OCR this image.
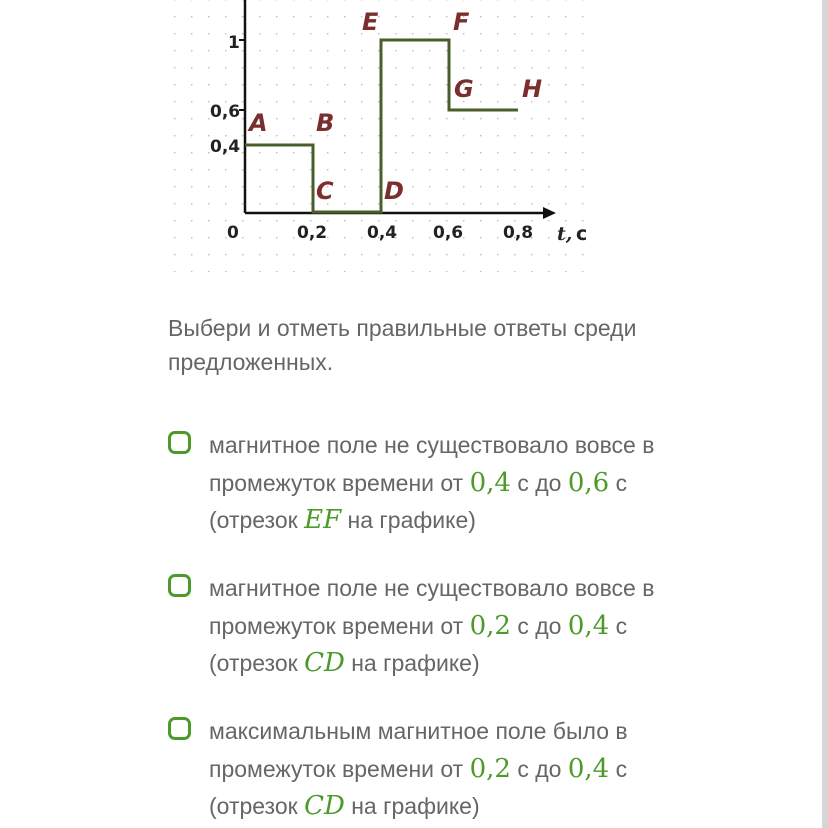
1
0,6
0,4
0	0,2 0,4 0,6 0,8 t, с
A B
C D
E	F
G H

Выбери и отметь правильные ответы среди предложенных.

магнитное поле не существовало вовсе в
промежуток времени от 0,4 с до 0,6 с
(отрезок EF на графике)
магнитное поле не существовало вовсе в
промежуток времени от 0,2 с до 0,4 с
(отрезок CD на графике)
максимальным магнитное поле было в
промежуток времени от 0,2 с до 0,4 с
(отрезок CD на графике)
